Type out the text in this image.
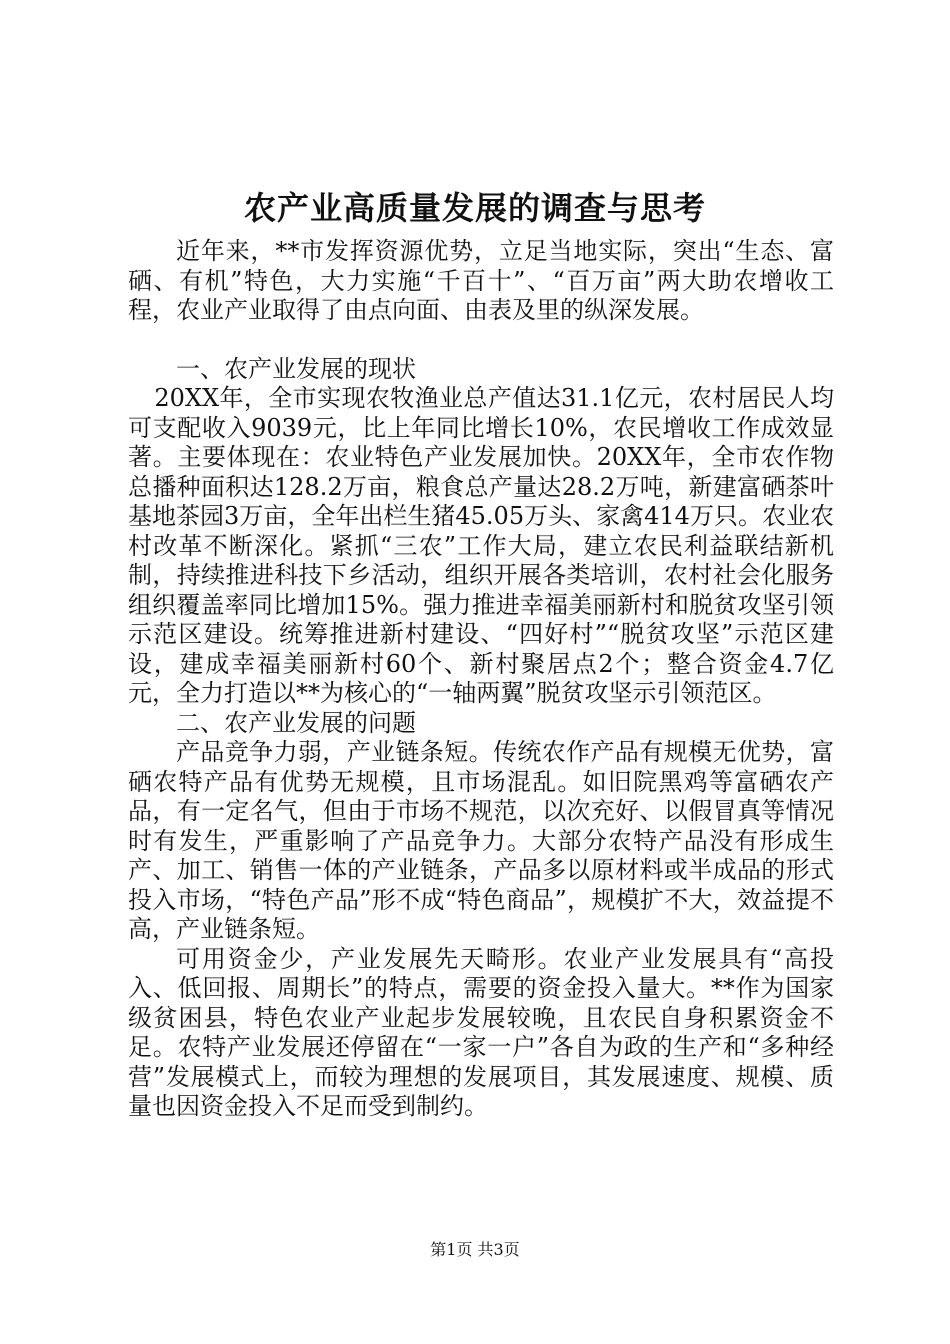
农产业高质量发展的调查与思考

近年来，**市发挥资源优势，立足当地实际，突出“生态、富硒、有机”特色，大力实施“千百十”、“百万亩”两大助农增收工程，农业产业取得了由点向面、由表及里的纵深发展。

一、农产业发展的现状

20XX年，全市实现农牧渔业总产值达31.1亿元，农村居民人均可支配收入9039元，比上年同比增长10%，农民增收工作成效显著。主要体现在：农业特色产业发展加快。20XX年，全市农作物总播种面积达128.2万亩，粮食总产量达28.2万吨，新建富硒茶叶基地茶园3万亩，全年出栏生猪45.05万头、家禽414万只。农业农村改革不断深化。紧抓“三农”工作大局，建立农民利益联结新机制，持续推进科技下乡活动，组织开展各类培训，农村社会化服务组织覆盖率同比增加15%。强力推进幸福美丽新村和脱贫攻坚引领示范区建设。统筹推进新村建设、“四好村”“脱贫攻坚”示范区建设，建成幸福美丽新村60个、新村聚居点2个；整合资金4.7亿元，全力打造以**为核心的“一轴两翼”脱贫攻坚示引领范区。

二、农产业发展的问题

产品竞争力弱，产业链条短。传统农作产品有规模无优势，富硒农特产品有优势无规模，且市场混乱。如旧院黑鸡等富硒农产品，有一定名气，但由于市场不规范，以次充好、以假冒真等情况时有发生，严重影响了产品竞争力。大部分农特产品没有形成生产、加工、销售一体的产业链条，产品多以原材料或半成品的形式投入市场，“特色产品”形不成“特色商品”，规模扩不大，效益提不高，产业链条短。

可用资金少，产业发展先天畸形。农业产业发展具有“高投入、低回报、周期长”的特点，需要的资金投入量大。**作为国家级贫困县，特色农业产业起步发展较晚，且农民自身积累资金不足。农特产业发展还停留在“一家一户”各自为政的生产和“多种经营”发展模式上，而较为理想的发展项目，其发展速度、规模、质量也因资金投入不足而受到制约。

第1页 共3页
